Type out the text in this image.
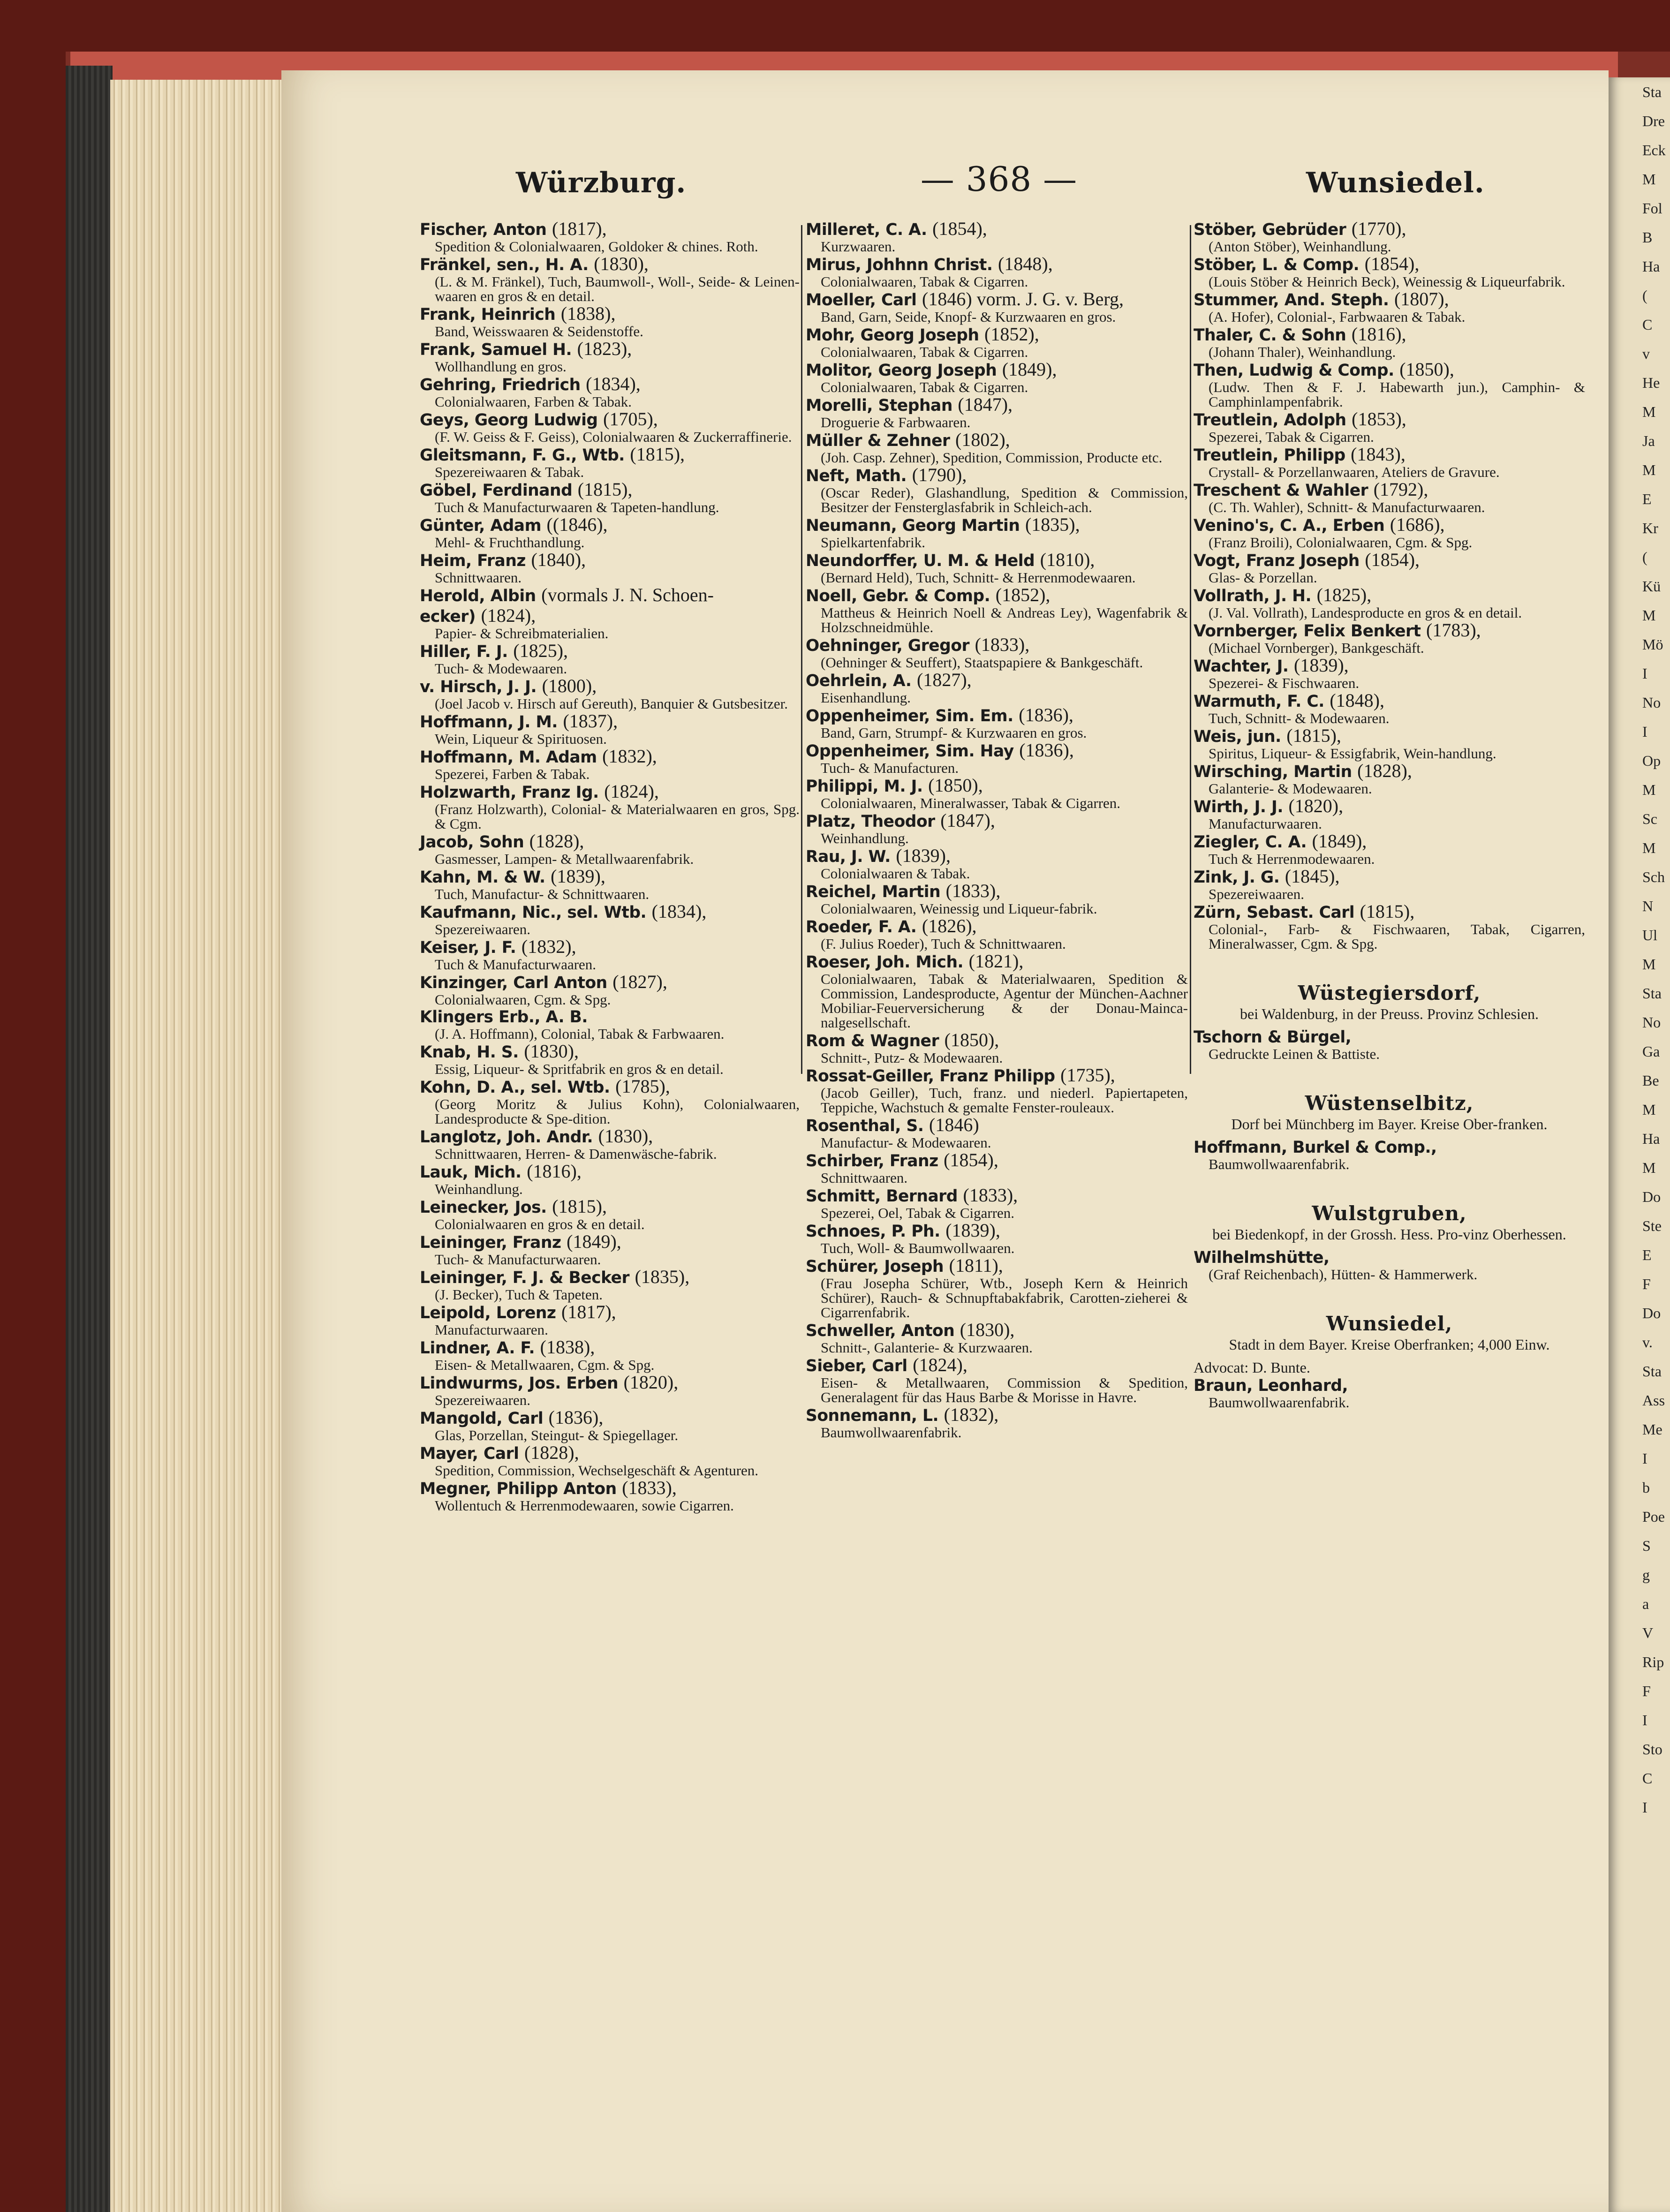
Sta
Dre
Eck
M
Fol
B
Ha
(
C
v
He
M
Ja
M
E
Kr
(
Kü
M
Mö
I
No
I
Op
M
Sc
M
Sch
N
Ul
M
Sta
No
Ga
Be
M
Ha
M
Do
Ste
E
F
Do
v.
Sta
Ass
Me
I
b
Poe
S
g
a
V
Rip
F
I
Sto
C
I
Würzburg.	— 368 —	Wunsiedel.
Fischer, Anton (1817),
Spedition & Colonialwaaren, Goldoker & chines. Roth.
Fränkel, sen., H. A. (1830),
(L. & M. Fränkel), Tuch, Baumwoll-, Woll-, Seide- & Leinen-waaren en gros & en detail.
Frank, Heinrich (1838),
Band, Weisswaaren & Seidenstoffe.
Frank, Samuel H. (1823),
Wollhandlung en gros.
Gehring, Friedrich (1834),
Colonialwaaren, Farben & Tabak.
Geys, Georg Ludwig (1705),
(F. W. Geiss & F. Geiss), Colonialwaaren & Zuckerraffinerie.
Gleitsmann, F. G., Wtb. (1815),
Spezereiwaaren & Tabak.
Göbel, Ferdinand (1815),
Tuch & Manufacturwaaren & Tapeten-handlung.
Günter, Adam ((1846),
Mehl- & Fruchthandlung.
Heim, Franz (1840),
Schnittwaaren.
Herold, Albin (vormals J. N. Schoen-
ecker) (1824),
Papier- & Schreibmaterialien.
Hiller, F. J. (1825),
Tuch- & Modewaaren.
v. Hirsch, J. J. (1800),
(Joel Jacob v. Hirsch auf Gereuth), Banquier & Gutsbesitzer.
Hoffmann, J. M. (1837),
Wein, Liqueur & Spirituosen.
Hoffmann, M. Adam (1832),
Spezerei, Farben & Tabak.
Holzwarth, Franz Ig. (1824),
(Franz Holzwarth), Colonial- & Materialwaaren en gros, Spg. & Cgm.
Jacob, Sohn (1828),
Gasmesser, Lampen- & Metallwaarenfabrik.
Kahn, M. & W. (1839),
Tuch, Manufactur- & Schnittwaaren.
Kaufmann, Nic., sel. Wtb. (1834),
Spezereiwaaren.
Keiser, J. F. (1832),
Tuch & Manufacturwaaren.
Kinzinger, Carl Anton (1827),
Colonialwaaren, Cgm. & Spg.
Klingers Erb., A. B.
(J. A. Hoffmann), Colonial, Tabak & Farbwaaren.
Knab, H. S. (1830),
Essig, Liqueur- & Spritfabrik en gros & en detail.
Kohn, D. A., sel. Wtb. (1785),
(Georg Moritz & Julius Kohn), Colonialwaaren, Landesproducte & Spe-dition.
Langlotz, Joh. Andr. (1830),
Schnittwaaren, Herren- & Damenwäsche-fabrik.
Lauk, Mich. (1816),
Weinhandlung.
Leinecker, Jos. (1815),
Colonialwaaren en gros & en detail.
Leininger, Franz (1849),
Tuch- & Manufacturwaaren.
Leininger, F. J. & Becker (1835),
(J. Becker), Tuch & Tapeten.
Leipold, Lorenz (1817),
Manufacturwaaren.
Lindner, A. F. (1838),
Eisen- & Metallwaaren, Cgm. & Spg.
Lindwurms, Jos. Erben (1820),
Spezereiwaaren.
Mangold, Carl (1836),
Glas, Porzellan, Steingut- & Spiegellager.
Mayer, Carl (1828),
Spedition, Commission, Wechselgeschäft & Agenturen.
Megner, Philipp Anton (1833),
Wollentuch & Herrenmodewaaren, sowie Cigarren.
Milleret, C. A. (1854),
Kurzwaaren.
Mirus, Johhnn Christ. (1848),
Colonialwaaren, Tabak & Cigarren.
Moeller, Carl (1846) vorm. J. G. v. Berg,
Band, Garn, Seide, Knopf- & Kurzwaaren en gros.
Mohr, Georg Joseph (1852),
Colonialwaaren, Tabak & Cigarren.
Molitor, Georg Joseph (1849),
Colonialwaaren, Tabak & Cigarren.
Morelli, Stephan (1847),
Droguerie & Farbwaaren.
Müller & Zehner (1802),
(Joh. Casp. Zehner), Spedition, Commission, Producte etc.
Neft, Math. (1790),
(Oscar Reder), Glashandlung, Spedition & Commission, Besitzer der Fensterglasfabrik in Schleich-ach.
Neumann, Georg Martin (1835),
Spielkartenfabrik.
Neundorffer, U. M. & Held (1810),
(Bernard Held), Tuch, Schnitt- & Herrenmodewaaren.
Noell, Gebr. & Comp. (1852),
Mattheus & Heinrich Noell & Andreas Ley), Wagenfabrik & Holzschneidmühle.
Oehninger, Gregor (1833),
(Oehninger & Seuffert), Staatspapiere & Bankgeschäft.
Oehrlein, A. (1827),
Eisenhandlung.
Oppenheimer, Sim. Em. (1836),
Band, Garn, Strumpf- & Kurzwaaren en gros.
Oppenheimer, Sim. Hay (1836),
Tuch- & Manufacturen.
Philippi, M. J. (1850),
Colonialwaaren, Mineralwasser, Tabak & Cigarren.
Platz, Theodor (1847),
Weinhandlung.
Rau, J. W. (1839),
Colonialwaaren & Tabak.
Reichel, Martin (1833),
Colonialwaaren, Weinessig und Liqueur-fabrik.
Roeder, F. A. (1826),
(F. Julius Roeder), Tuch & Schnittwaaren.
Roeser, Joh. Mich. (1821),
Colonialwaaren, Tabak & Materialwaaren, Spedition & Commission, Landesproducte, Agentur der München-Aachner Mobiliar-Feuerversicherung & der Donau-Mainca-nalgesellschaft.
Rom & Wagner (1850),
Schnitt-, Putz- & Modewaaren.
Rossat-Geiller, Franz Philipp (1735),
(Jacob Geiller), Tuch, franz. und niederl. Papiertapeten, Teppiche, Wachstuch & gemalte Fenster-rouleaux.
Rosenthal, S. (1846)
Manufactur- & Modewaaren.
Schirber, Franz (1854),
Schnittwaaren.
Schmitt, Bernard (1833),
Spezerei, Oel, Tabak & Cigarren.
Schnoes, P. Ph. (1839),
Tuch, Woll- & Baumwollwaaren.
Schürer, Joseph (1811),
(Frau Josepha Schürer, Wtb., Joseph Kern & Heinrich Schürer), Rauch- & Schnupftabakfabrik, Carotten-zieherei & Cigarrenfabrik.
Schweller, Anton (1830),
Schnitt-, Galanterie- & Kurzwaaren.
Sieber, Carl (1824),
Eisen- & Metallwaaren, Commission & Spedition, Generalagent für das Haus Barbe & Morisse in Havre.
Sonnemann, L. (1832),
Baumwollwaarenfabrik.
Stöber, Gebrüder (1770),
(Anton Stöber), Weinhandlung.
Stöber, L. & Comp. (1854),
(Louis Stöber & Heinrich Beck), Weinessig & Liqueurfabrik.
Stummer, And. Steph. (1807),
(A. Hofer), Colonial-, Farbwaaren & Tabak.
Thaler, C. & Sohn (1816),
(Johann Thaler), Weinhandlung.
Then, Ludwig & Comp. (1850),
(Ludw. Then & F. J. Habewarth jun.), Camphin- & Camphinlampenfabrik.
Treutlein, Adolph (1853),
Spezerei, Tabak & Cigarren.
Treutlein, Philipp (1843),
Crystall- & Porzellanwaaren, Ateliers de Gravure.
Treschent & Wahler (1792),
(C. Th. Wahler), Schnitt- & Manufacturwaaren.
Venino's, C. A., Erben (1686),
(Franz Broili), Colonialwaaren, Cgm. & Spg.
Vogt, Franz Joseph (1854),
Glas- & Porzellan.
Vollrath, J. H. (1825),
(J. Val. Vollrath), Landesproducte en gros & en detail.
Vornberger, Felix Benkert (1783),
(Michael Vornberger), Bankgeschäft.
Wachter, J. (1839),
Spezerei- & Fischwaaren.
Warmuth, F. C. (1848),
Tuch, Schnitt- & Modewaaren.
Weis, jun. (1815),
Spiritus, Liqueur- & Essigfabrik, Wein-handlung.
Wirsching, Martin (1828),
Galanterie- & Modewaaren.
Wirth, J. J. (1820),
Manufacturwaaren.
Ziegler, C. A. (1849),
Tuch & Herrenmodewaaren.
Zink, J. G. (1845),
Spezereiwaaren.
Zürn, Sebast. Carl (1815),
Colonial-, Farb- & Fischwaaren, Tabak, Cigarren, Mineralwasser, Cgm. & Spg.
Wüstegiersdorf,
bei Waldenburg, in der Preuss. Provinz Schlesien.
Tschorn & Bürgel,
Gedruckte Leinen & Battiste.
Wüstenselbitz,
Dorf bei Münchberg im Bayer. Kreise Ober-franken.
Hoffmann, Burkel & Comp.,
Baumwollwaarenfabrik.
Wulstgruben,
bei Biedenkopf, in der Grossh. Hess. Pro-vinz Oberhessen.
Wilhelmshütte,
(Graf Reichenbach), Hütten- & Hammerwerk.
Wunsiedel,
Stadt in dem Bayer. Kreise Oberfranken; 4,000 Einw.
Advocat: D. Bunte.
Braun, Leonhard,
Baumwollwaarenfabrik.
